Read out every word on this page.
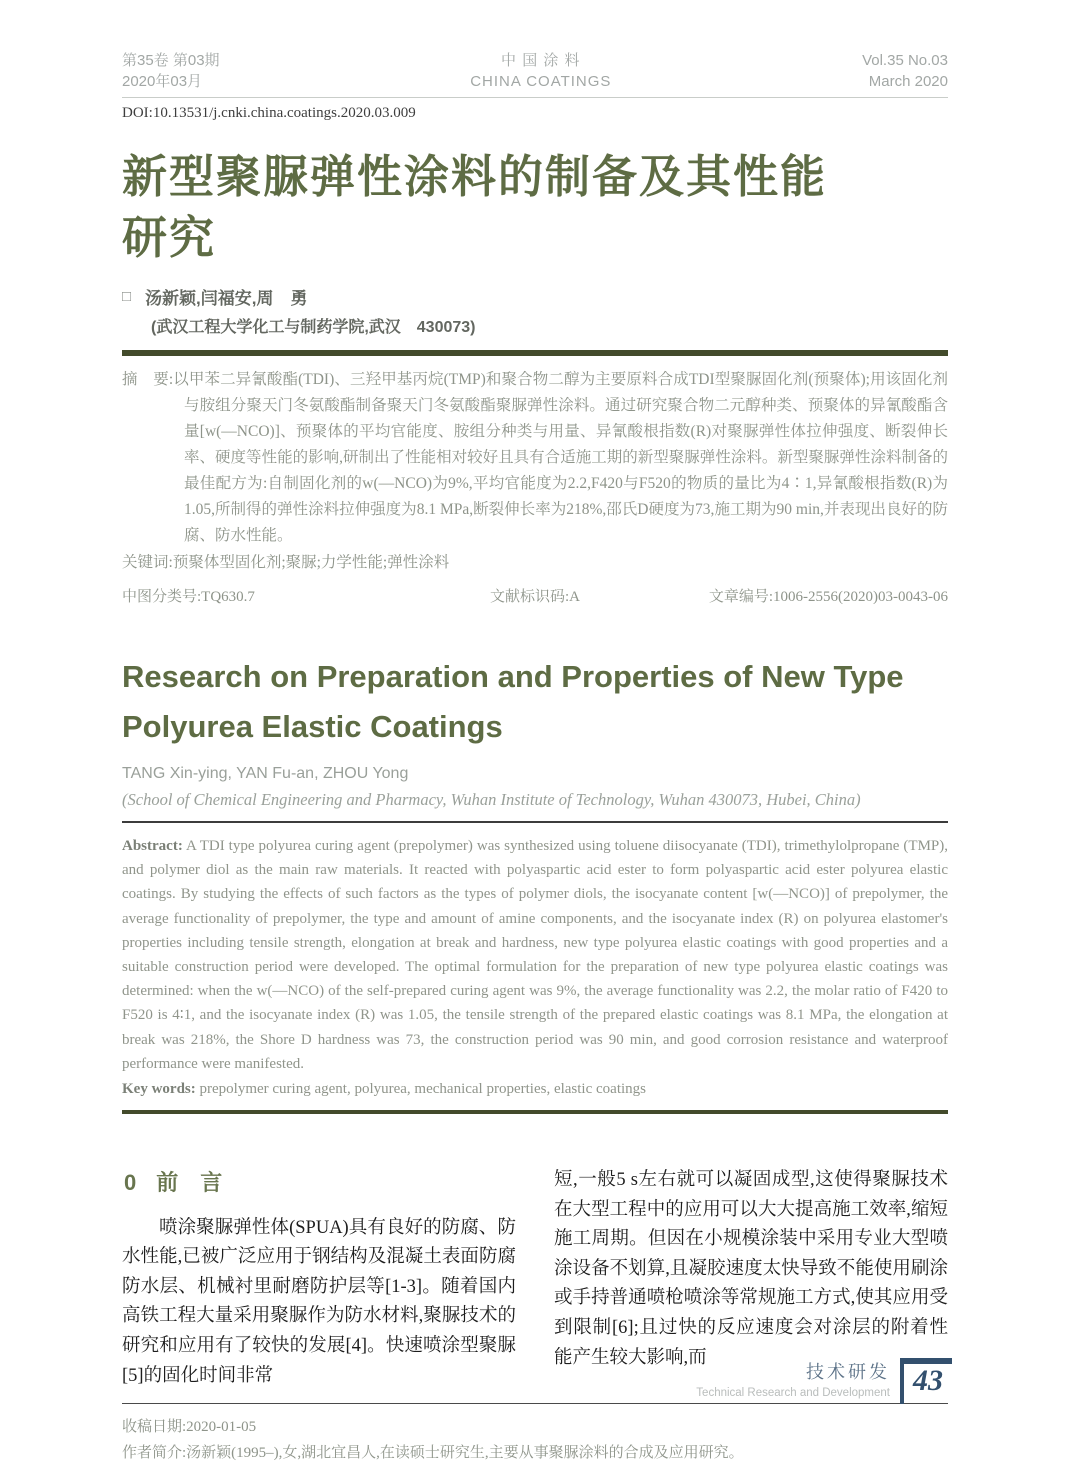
第35卷 第03期
2020年03月
中 国 涂 料
CHINA COATINGS
Vol.35 No.03
March 2020
DOI:10.13531/j.cnki.china.coatings.2020.03.009
新型聚脲弹性涂料的制备及其性能
研究
□ 汤新颖,闫福安,周　勇
(武汉工程大学化工与制药学院,武汉　430073)

摘　要:以甲苯二异氰酸酯(TDI)、三羟甲基丙烷(TMP)和聚合物二醇为主要原料合成TDI型聚脲固化剂(预聚体);用该固化剂与胺组分聚天门冬氨酸酯制备聚天门冬氨酸酯聚脲弹性涂料。通过研究聚合物二元醇种类、预聚体的异氰酸酯含量[w(—NCO)]、预聚体的平均官能度、胺组分种类与用量、异氰酸根指数(R)对聚脲弹性体拉伸强度、断裂伸长率、硬度等性能的影响,研制出了性能相对较好且具有合适施工期的新型聚脲弹性涂料。新型聚脲弹性涂料制备的最佳配方为:自制固化剂的w(—NCO)为9%,平均官能度为2.2,F420与F520的物质的量比为4∶1,异氰酸根指数(R)为1.05,所制得的弹性涂料拉伸强度为8.1 MPa,断裂伸长率为218%,邵氏D硬度为73,施工期为90 min,并表现出良好的防腐、防水性能。

关键词:预聚体型固化剂;聚脲;力学性能;弹性涂料

中图分类号:TQ630.7	文献标识码:A	文章编号:1006-2556(2020)03-0043-06
Research on Preparation and Properties of New Type
Polyurea Elastic Coatings
TANG Xin-ying, YAN Fu-an, ZHOU Yong
(School of Chemical Engineering and Pharmacy, Wuhan Institute of Technology, Wuhan 430073, Hubei, China)

Abstract: A TDI type polyurea curing agent (prepolymer) was synthesized using toluene diisocyanate (TDI), trimethylolpropane (TMP), and polymer diol as the main raw materials. It reacted with polyaspartic acid ester to form polyaspartic acid ester polyurea elastic coatings. By studying the effects of such factors as the types of polymer diols, the isocyanate content [w(—NCO)] of prepolymer, the average functionality of prepolymer, the type and amount of amine components, and the isocyanate index (R) on polyurea elastomer's properties including tensile strength, elongation at break and hardness, new type polyurea elastic coatings with good properties and a suitable construction period were developed. The optimal formulation for the preparation of new type polyurea elastic coatings was determined: when the w(—NCO) of the self-prepared curing agent was 9%, the average functionality was 2.2, the molar ratio of F420 to F520 is 4∶1, and the isocyanate index (R) was 1.05, the tensile strength of the prepared elastic coatings was 8.1 MPa, the elongation at break was 218%, the Shore D hardness was 73, the construction period was 90 min, and good corrosion resistance and waterproof performance were manifested.

Key words: prepolymer curing agent, polyurea, mechanical properties, elastic coatings

0 前　言

喷涂聚脲弹性体(SPUA)具有良好的防腐、防水性能,已被广泛应用于钢结构及混凝土表面防腐防水层、机械衬里耐磨防护层等[1-3]。随着国内高铁工程大量采用聚脲作为防水材料,聚脲技术的研究和应用有了较快的发展[4]。快速喷涂型聚脲[5]的固化时间非常

短,一般5 s左右就可以凝固成型,这使得聚脲技术在大型工程中的应用可以大大提高施工效率,缩短施工周期。但因在小规模涂装中采用专业大型喷涂设备不划算,且凝胶速度太快导致不能使用刷涂或手持普通喷枪喷涂等常规施工方式,使其应用受到限制[6];且过快的反应速度会对涂层的附着性能产生较大影响,而

收稿日期:2020-01-05
作者简介:汤新颖(1995–),女,湖北宜昌人,在读硕士研究生,主要从事聚脲涂料的合成及应用研究。
技术研发
Technical Research and Development 43
